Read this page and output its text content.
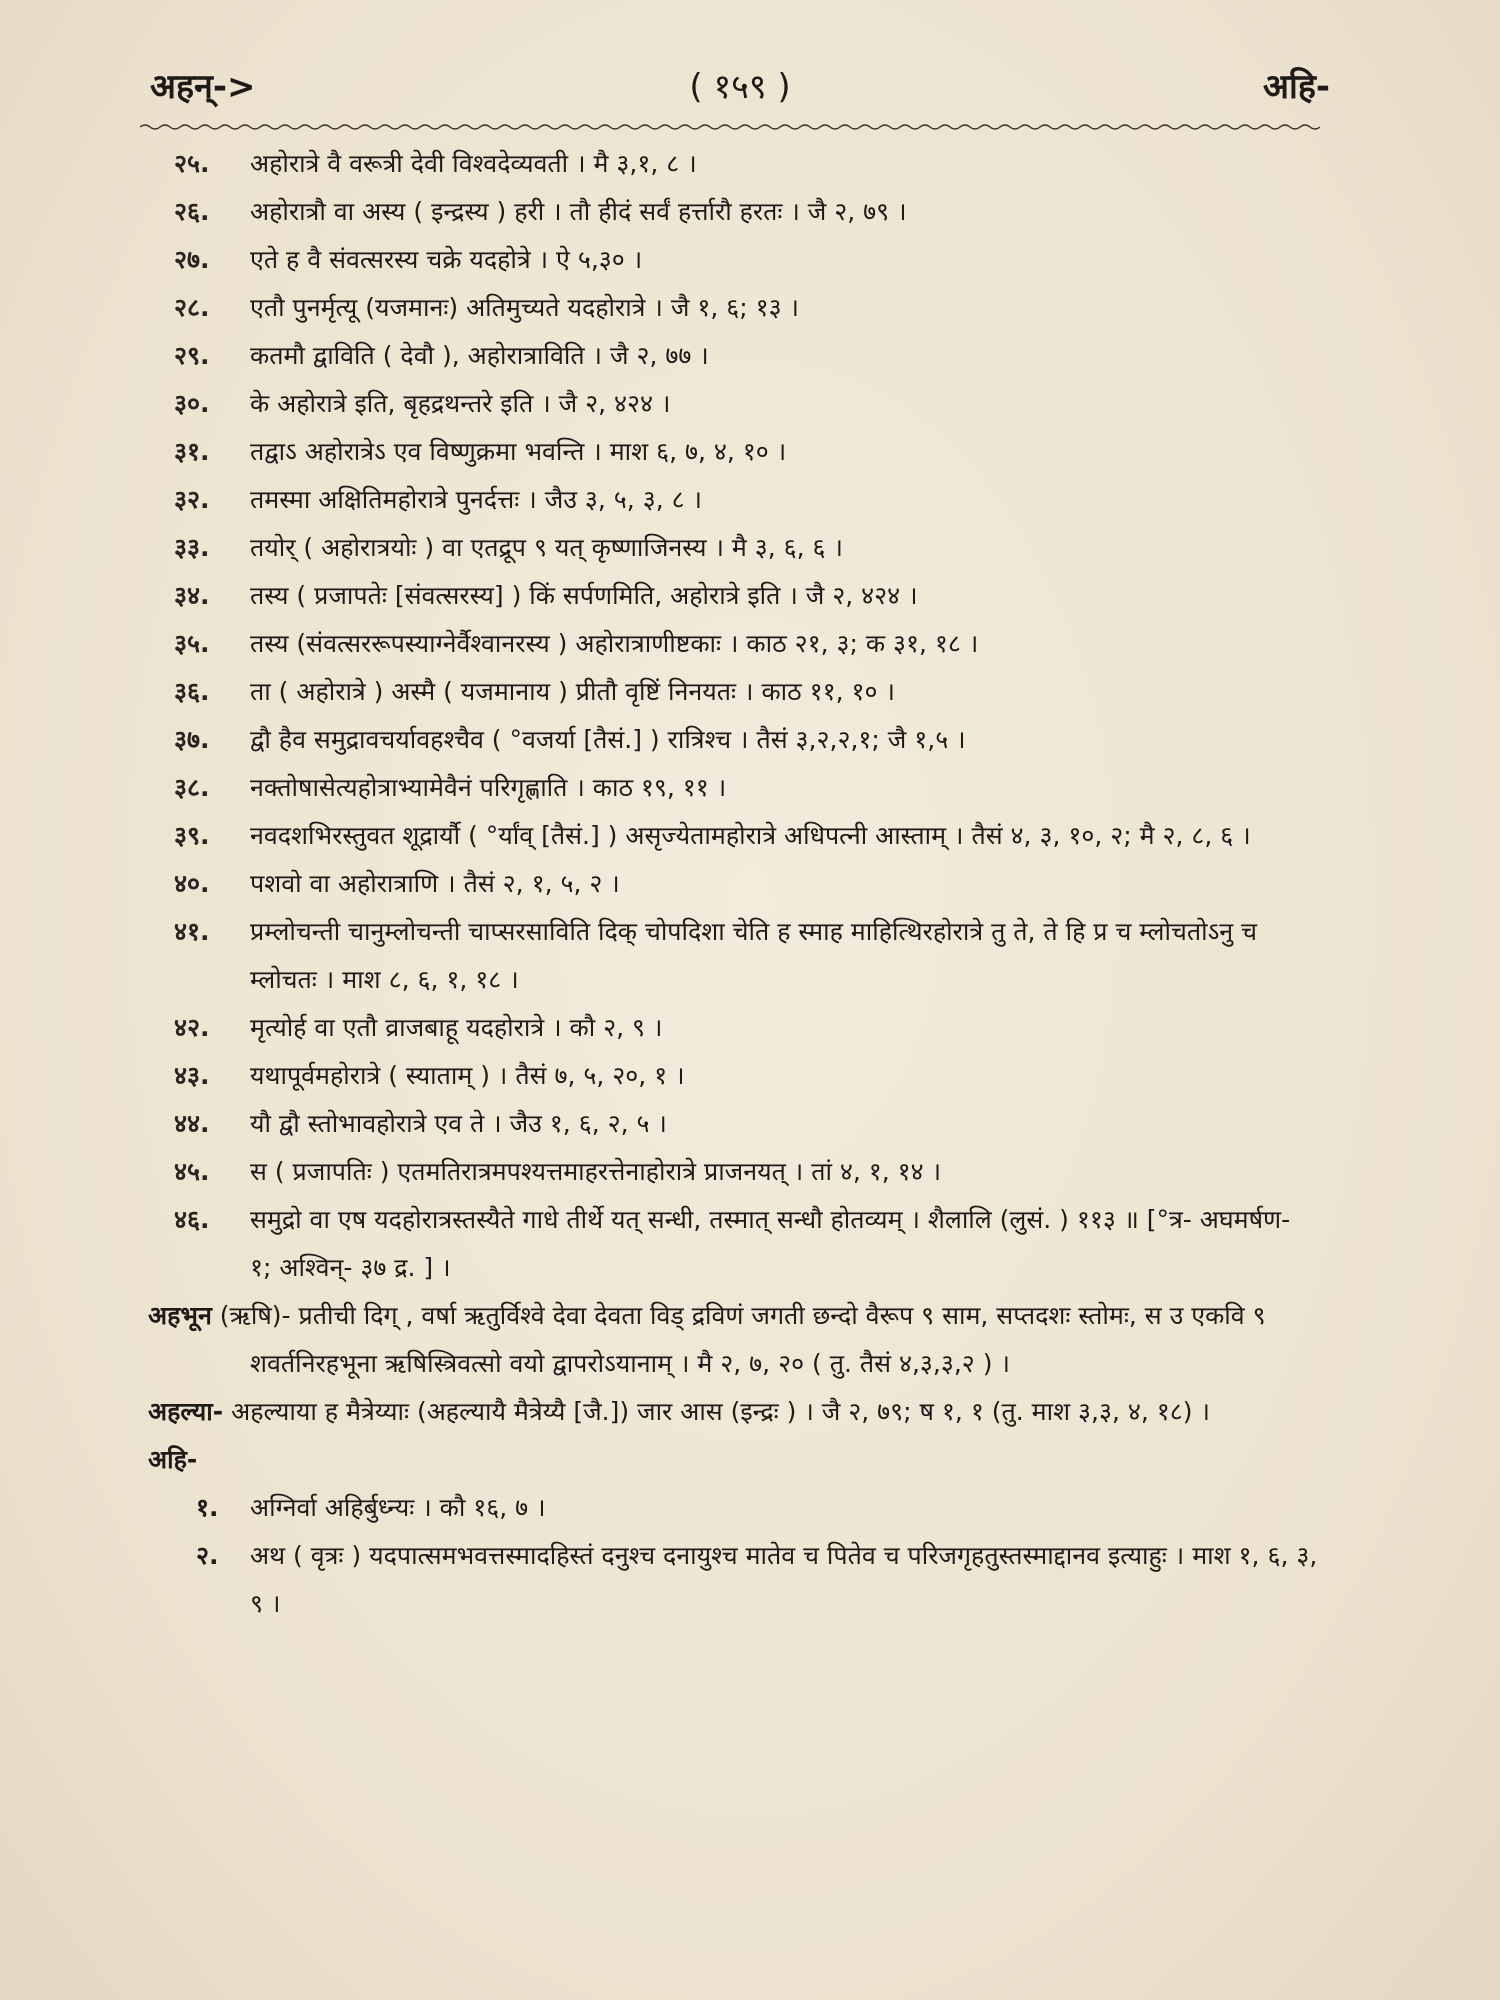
अहन्->	( १५९ )	अहि-
२५. अहोरात्रे वै वरूत्री देवी विश्वदेव्यवती । मै ३,१, ८ ।
२६. अहोरात्रौ वा अस्य ( इन्द्रस्य ) हरी । तौ हीदं सर्वं हर्त्तारौ हरतः । जै २, ७९ ।
२७. एते ह वै संवत्सरस्य चक्रे यदहोत्रे । ऐ ५,३० ।
२८. एतौ पुनर्मृत्यू (यजमानः) अतिमुच्यते यदहोरात्रे । जै १, ६; १३ ।
२९. कतमौ द्वाविति ( देवौ ), अहोरात्राविति । जै २, ७७ ।
३०. के अहोरात्रे इति, बृहद्रथन्तरे इति । जै २, ४२४ ।
३१. तद्वाऽ अहोरात्रेऽ एव विष्णुक्रमा भवन्ति । माश ६, ७, ४, १० ।
३२. तमस्मा अक्षितिमहोरात्रे पुनर्दत्तः । जैउ ३, ५, ३, ८ ।
३३. तयोर् ( अहोरात्रयोः ) वा एतद्रूप ९ यत् कृष्णाजिनस्य । मै ३, ६, ६ ।
३४. तस्य ( प्रजापतेः [संवत्सरस्य] ) किं सर्पणमिति, अहोरात्रे इति । जै २, ४२४ ।
३५. तस्य (संवत्सररूपस्याग्नेर्वैश्वानरस्य ) अहोरात्राणीष्टकाः । काठ २१, ३; क ३१, १८ ।
३६. ता ( अहोरात्रे ) अस्मै ( यजमानाय ) प्रीतौ वृष्टिं निनयतः । काठ ११, १० ।
३७. द्वौ हैव समुद्रावचर्यावहश्चैव ( °वजर्या [तैसं.] ) रात्रिश्च । तैसं ३,२,२,१; जै १,५ ।
३८. नक्तोषासेत्यहोत्राभ्यामेवैनं परिगृह्णाति । काठ १९, ११ ।
३९. नवदशभिरस्तुवत शूद्रार्यौ ( °र्यांव् [तैसं.] ) असृज्येतामहोरात्रे अधिपत्नी आस्ताम् । तैसं ४, ३, १०, २; मै २, ८, ६ ।
४०. पशवो वा अहोरात्राणि । तैसं २, १, ५, २ ।
४१. प्रम्लोचन्ती चानुम्लोचन्ती चाप्सरसाविति दिक् चोपदिशा चेति ह स्माह माहित्थिरहोरात्रे तु ते, ते हि प्र च म्लोचतोऽनु च म्लोचतः । माश ८, ६, १, १८ ।
४२. मृत्योर्ह वा एतौ व्राजबाहू यदहोरात्रे । कौ २, ९ ।
४३. यथापूर्वमहोरात्रे ( स्याताम् ) । तैसं ७, ५, २०, १ ।
४४. यौ द्वौ स्तोभावहोरात्रे एव ते । जैउ १, ६, २, ५ ।
४५. स ( प्रजापतिः ) एतमतिरात्रमपश्यत्तमाहरत्तेनाहोरात्रे प्राजनयत् । तां ४, १, १४ ।
४६. समुद्रो वा एष यदहोरात्रस्तस्यैते गाधे तीर्थे यत् सन्धी, तस्मात् सन्धौ होतव्यम् । शैलालि (लुसं. ) ११३ ॥ [°त्र- अघमर्षण- १; अश्विन्- ३७ द्र. ] ।
अहभून (ऋषि)- प्रतीची दिग् , वर्षा ऋतुर्विश्वे देवा देवता विड् द्रविणं जगती छन्दो वैरूप ९ साम, सप्तदशः स्तोमः, स उ एकवि ९ शवर्तनिरहभूना ऋषिस्त्रिवत्सो वयो द्वापरोऽयानाम् । मै २, ७, २० ( तु. तैसं ४,३,३,२ ) ।
अहल्या- अहल्याया ह मैत्रेय्याः (अहल्यायै मैत्रेय्यै [जै.]) जार आस (इन्द्रः ) । जै २, ७९; ष १, १ (तु. माश ३,३, ४, १८) ।
अहि-
१. अग्निर्वा अहिर्बुध्न्यः । कौ १६, ७ ।
२. अथ ( वृत्रः ) यदपात्समभवत्तस्मादहिस्तं दनुश्च दनायुश्च मातेव च पितेव च परिजगृहतुस्तस्माद्दानव इत्याहुः । माश १, ६, ३, ९ ।
